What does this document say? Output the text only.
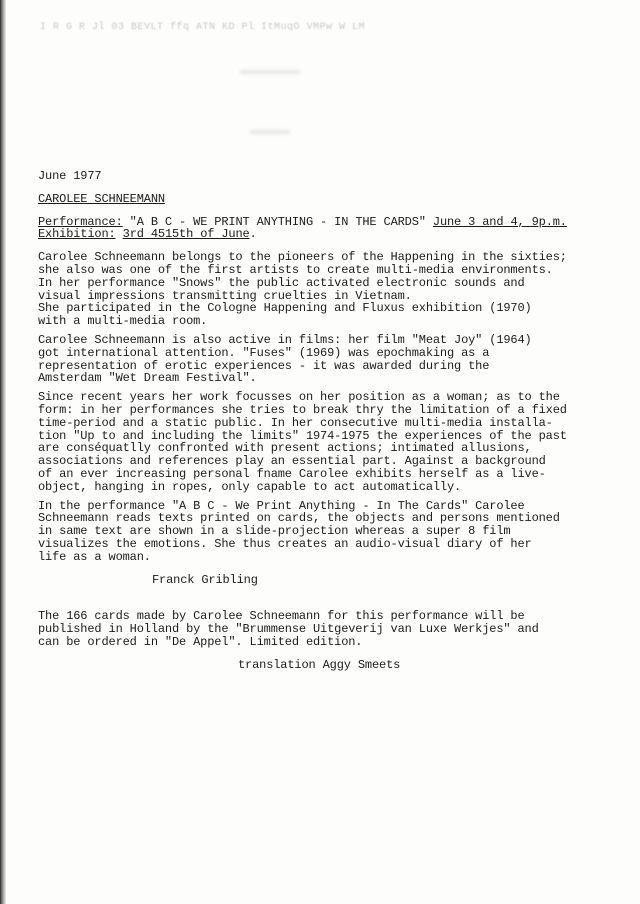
I R G R Jl 03 BEVLT ffq ATN KD Pl ItMuqO VMPw W LM
June 1977
CAROLEE SCHNEEMANN
Performance: "A B C - WE PRINT ANYTHING - IN THE CARDS" June 3 and 4, 9p.m.
Exhibition: 3rd 4515th of June.
Carolee Schneemann belongs to the pioneers of the Happening in the sixties;
she also was one of the first artists to create multi-media environments.
In her performance "Snows" the public activated electronic sounds and
visual impressions transmitting cruelties in Vietnam.
She participated in the Cologne Happening and Fluxus exhibition (1970)
with a multi-media room.
Carolee Schneemann is also active in films: her film "Meat Joy" (1964)
got international attention. "Fuses" (1969) was epochmaking as a
representation of erotic experiences - it was awarded during the
Amsterdam "Wet Dream Festival".
Since recent years her work focusses on her position as a woman; as to the
form: in her performances she tries to break thry the limitation of a fixed
time-period and a static public. In her consecutive multi-media installa-
tion "Up to and including the limits" 1974-1975 the experiences of the past
are conséquatlly confronted with present actions; intimated allusions,
associations and references play an essential part. Against a background
of an ever increasing personal fname Carolee exhibits herself as a live-
object, hanging in ropes, only capable to act automatically.
In the performance "A B C - We Print Anything - In The Cards" Carolee
Schneemann reads texts printed on cards, the objects and persons mentioned
in same text are shown in a slide-projection whereas a super 8 film
visualizes the emotions. She thus creates an audio-visual diary of her
life as a woman.
Franck Gribling
The 166 cards made by Carolee Schneemann for this performance will be
published in Holland by the "Brummense Uitgeverij van Luxe Werkjes" and
can be ordered in "De Appel". Limited edition.
translation Aggy Smeets
